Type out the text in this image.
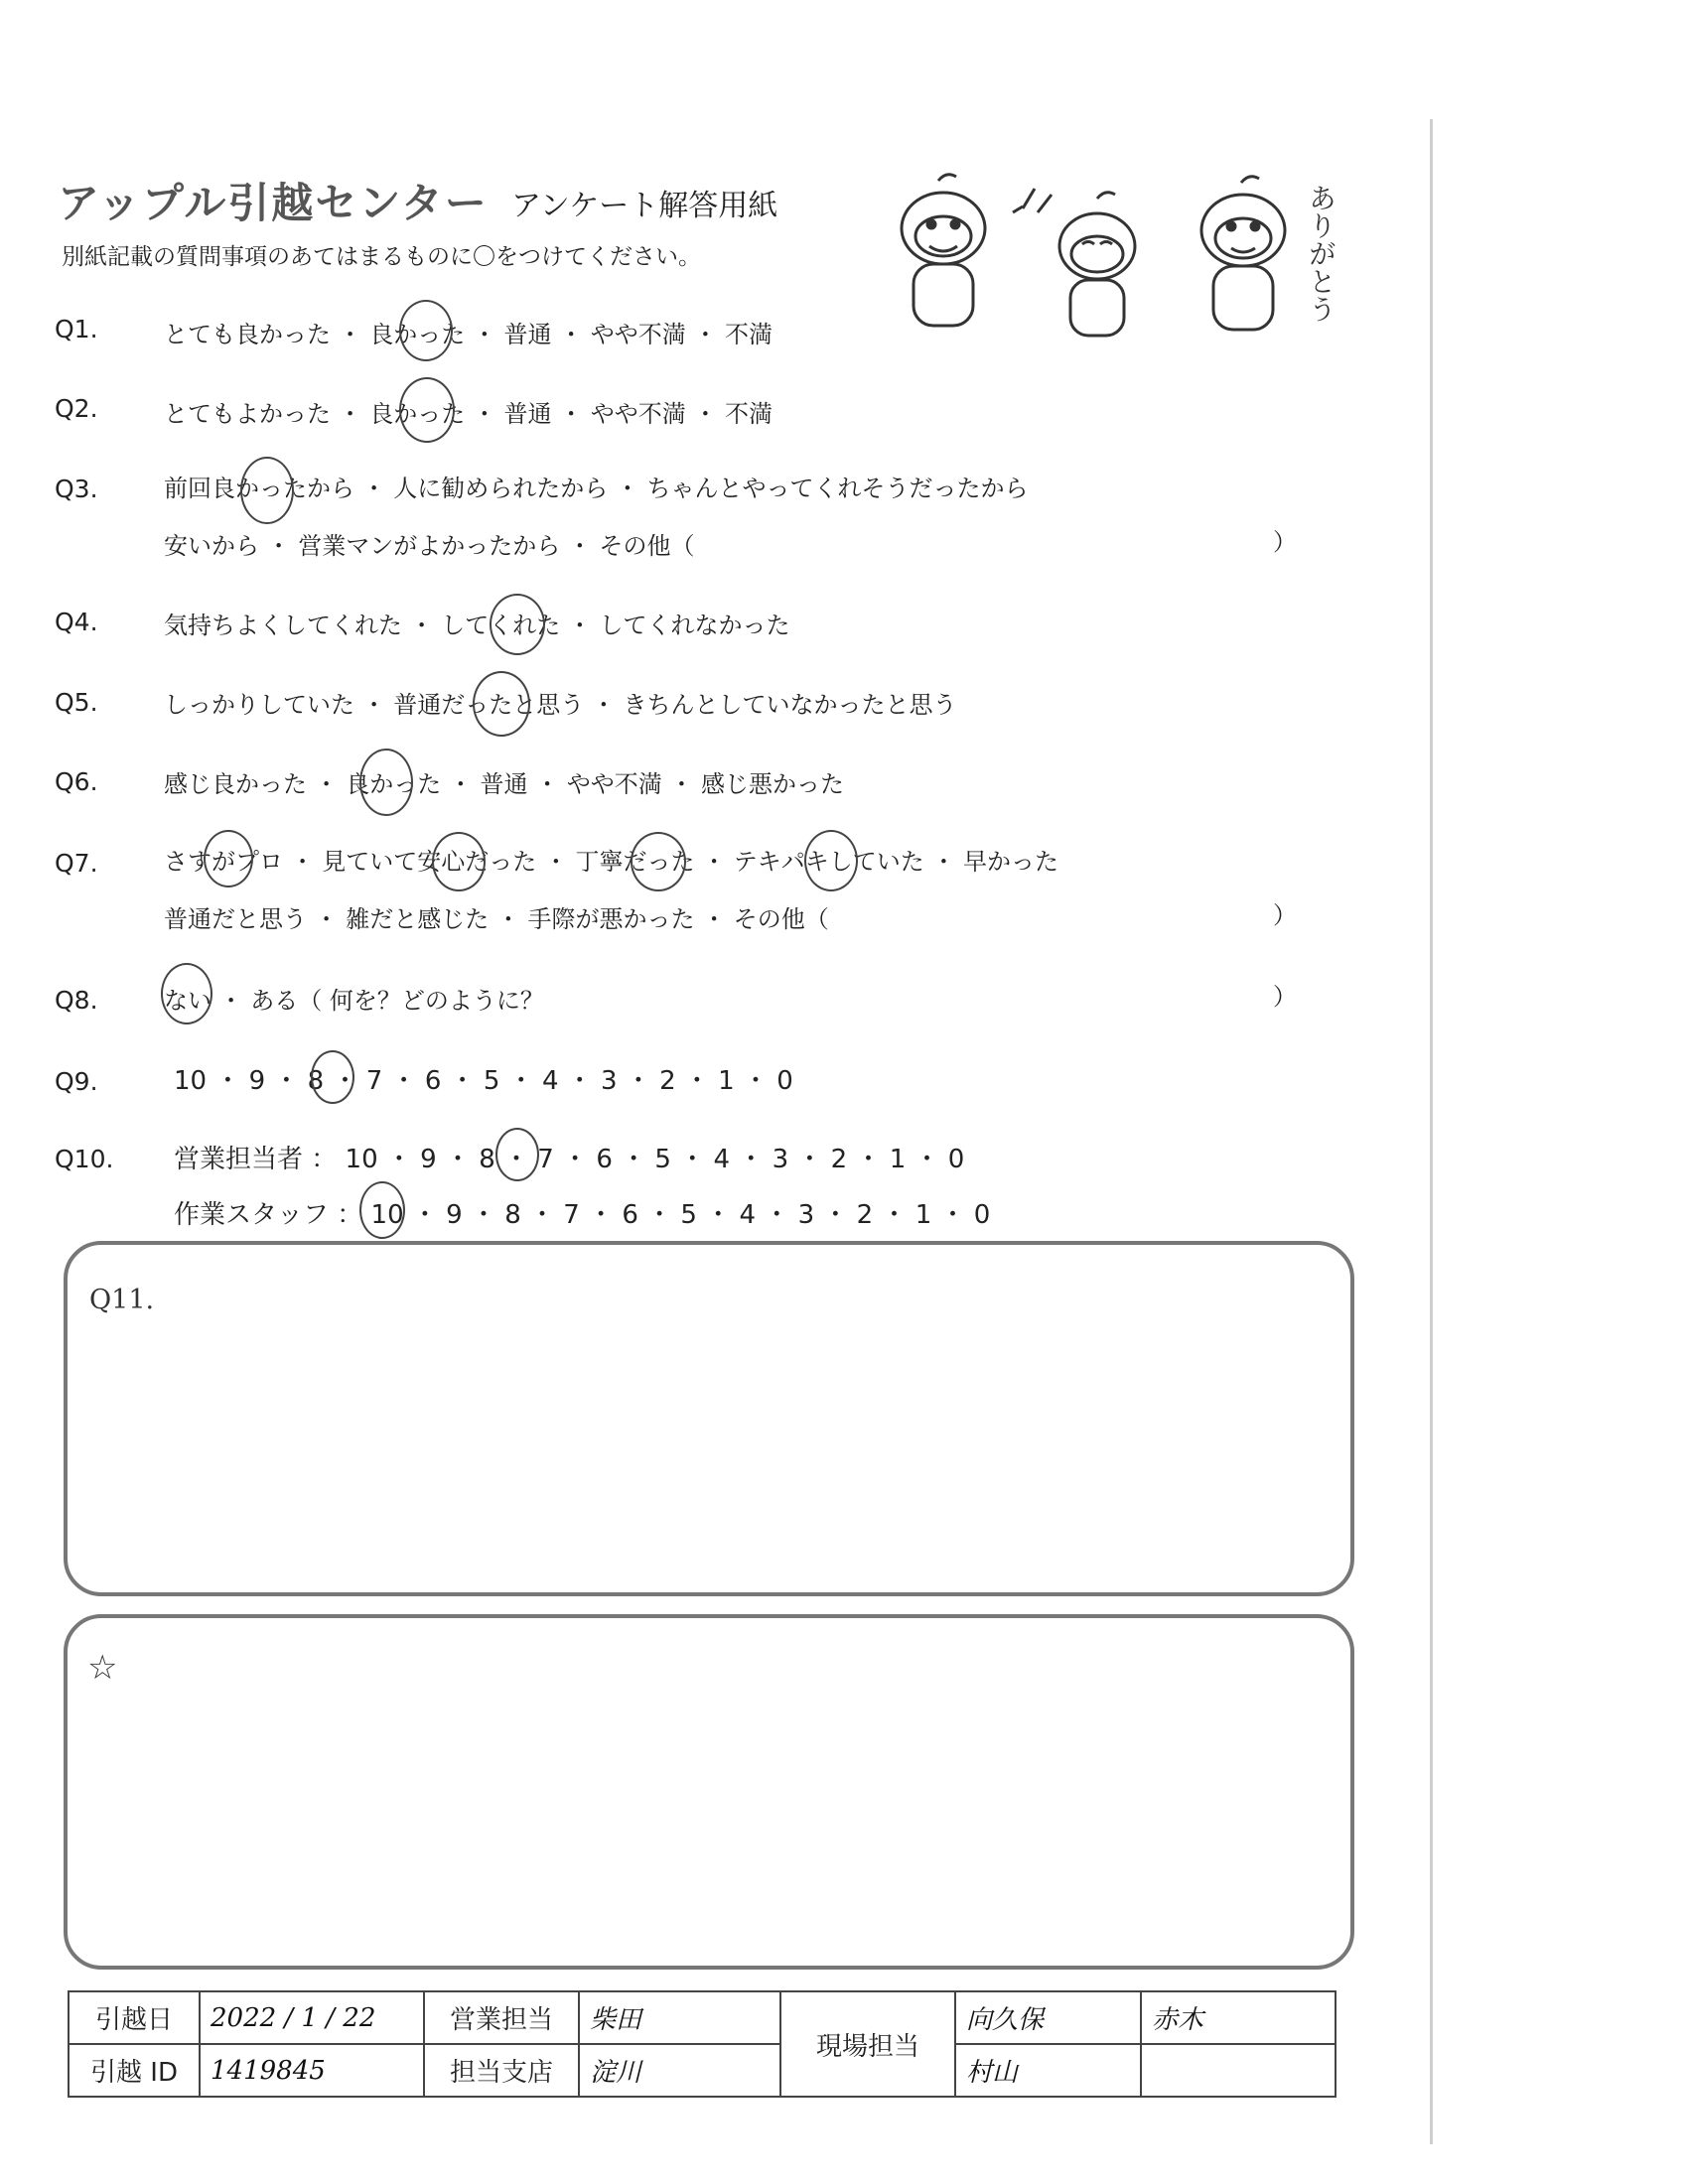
アップル引越センター アンケート解答用紙
別紙記載の質問事項のあてはまるものに〇をつけてください。	ありがとう
Q1.	とても良かった ・ 良かった ・ 普通 ・ やや不満 ・ 不満
Q2.	とてもよかった ・ 良かった ・ 普通 ・ やや不満 ・ 不満
Q3.	前回良かったから ・ 人に勧められたから ・ ちゃんとやってくれそうだったから
安いから ・ 営業マンがよかったから ・ その他（	）
Q4.	気持ちよくしてくれた ・ してくれた ・ してくれなかった
Q5.	しっかりしていた ・ 普通だったと思う ・ きちんとしていなかったと思う
Q6.	感じ良かった ・ 良かった ・ 普通 ・ やや不満 ・ 感じ悪かった
Q7.	さすがプロ ・ 見ていて安心だった ・ 丁寧だった ・ テキパキしていた ・ 早かった
普通だと思う ・ 雑だと感じた ・ 手際が悪かった ・ その他（	）
Q8.	ない ・ ある（ 何を？どのように？	）
Q9.	10 ・ 9 ・ 8 ・ 7 ・ 6 ・ 5 ・ 4 ・ 3 ・ 2 ・ 1 ・ 0
Q10. 営業担当者 ： 10 ・ 9 ・ 8 ・ 7 ・ 6 ・ 5 ・ 4 ・ 3 ・ 2 ・ 1 ・ 0
作業スタッフ ： 10 ・ 9 ・ 8 ・ 7 ・ 6 ・ 5 ・ 4 ・ 3 ・ 2 ・ 1 ・ 0
Q11.
☆
引越日	2022 / 1 / 22	営業担当	柴田	現場担当	向久保	赤木
引越 ID	1419845	担当支店	淀川		村山	
